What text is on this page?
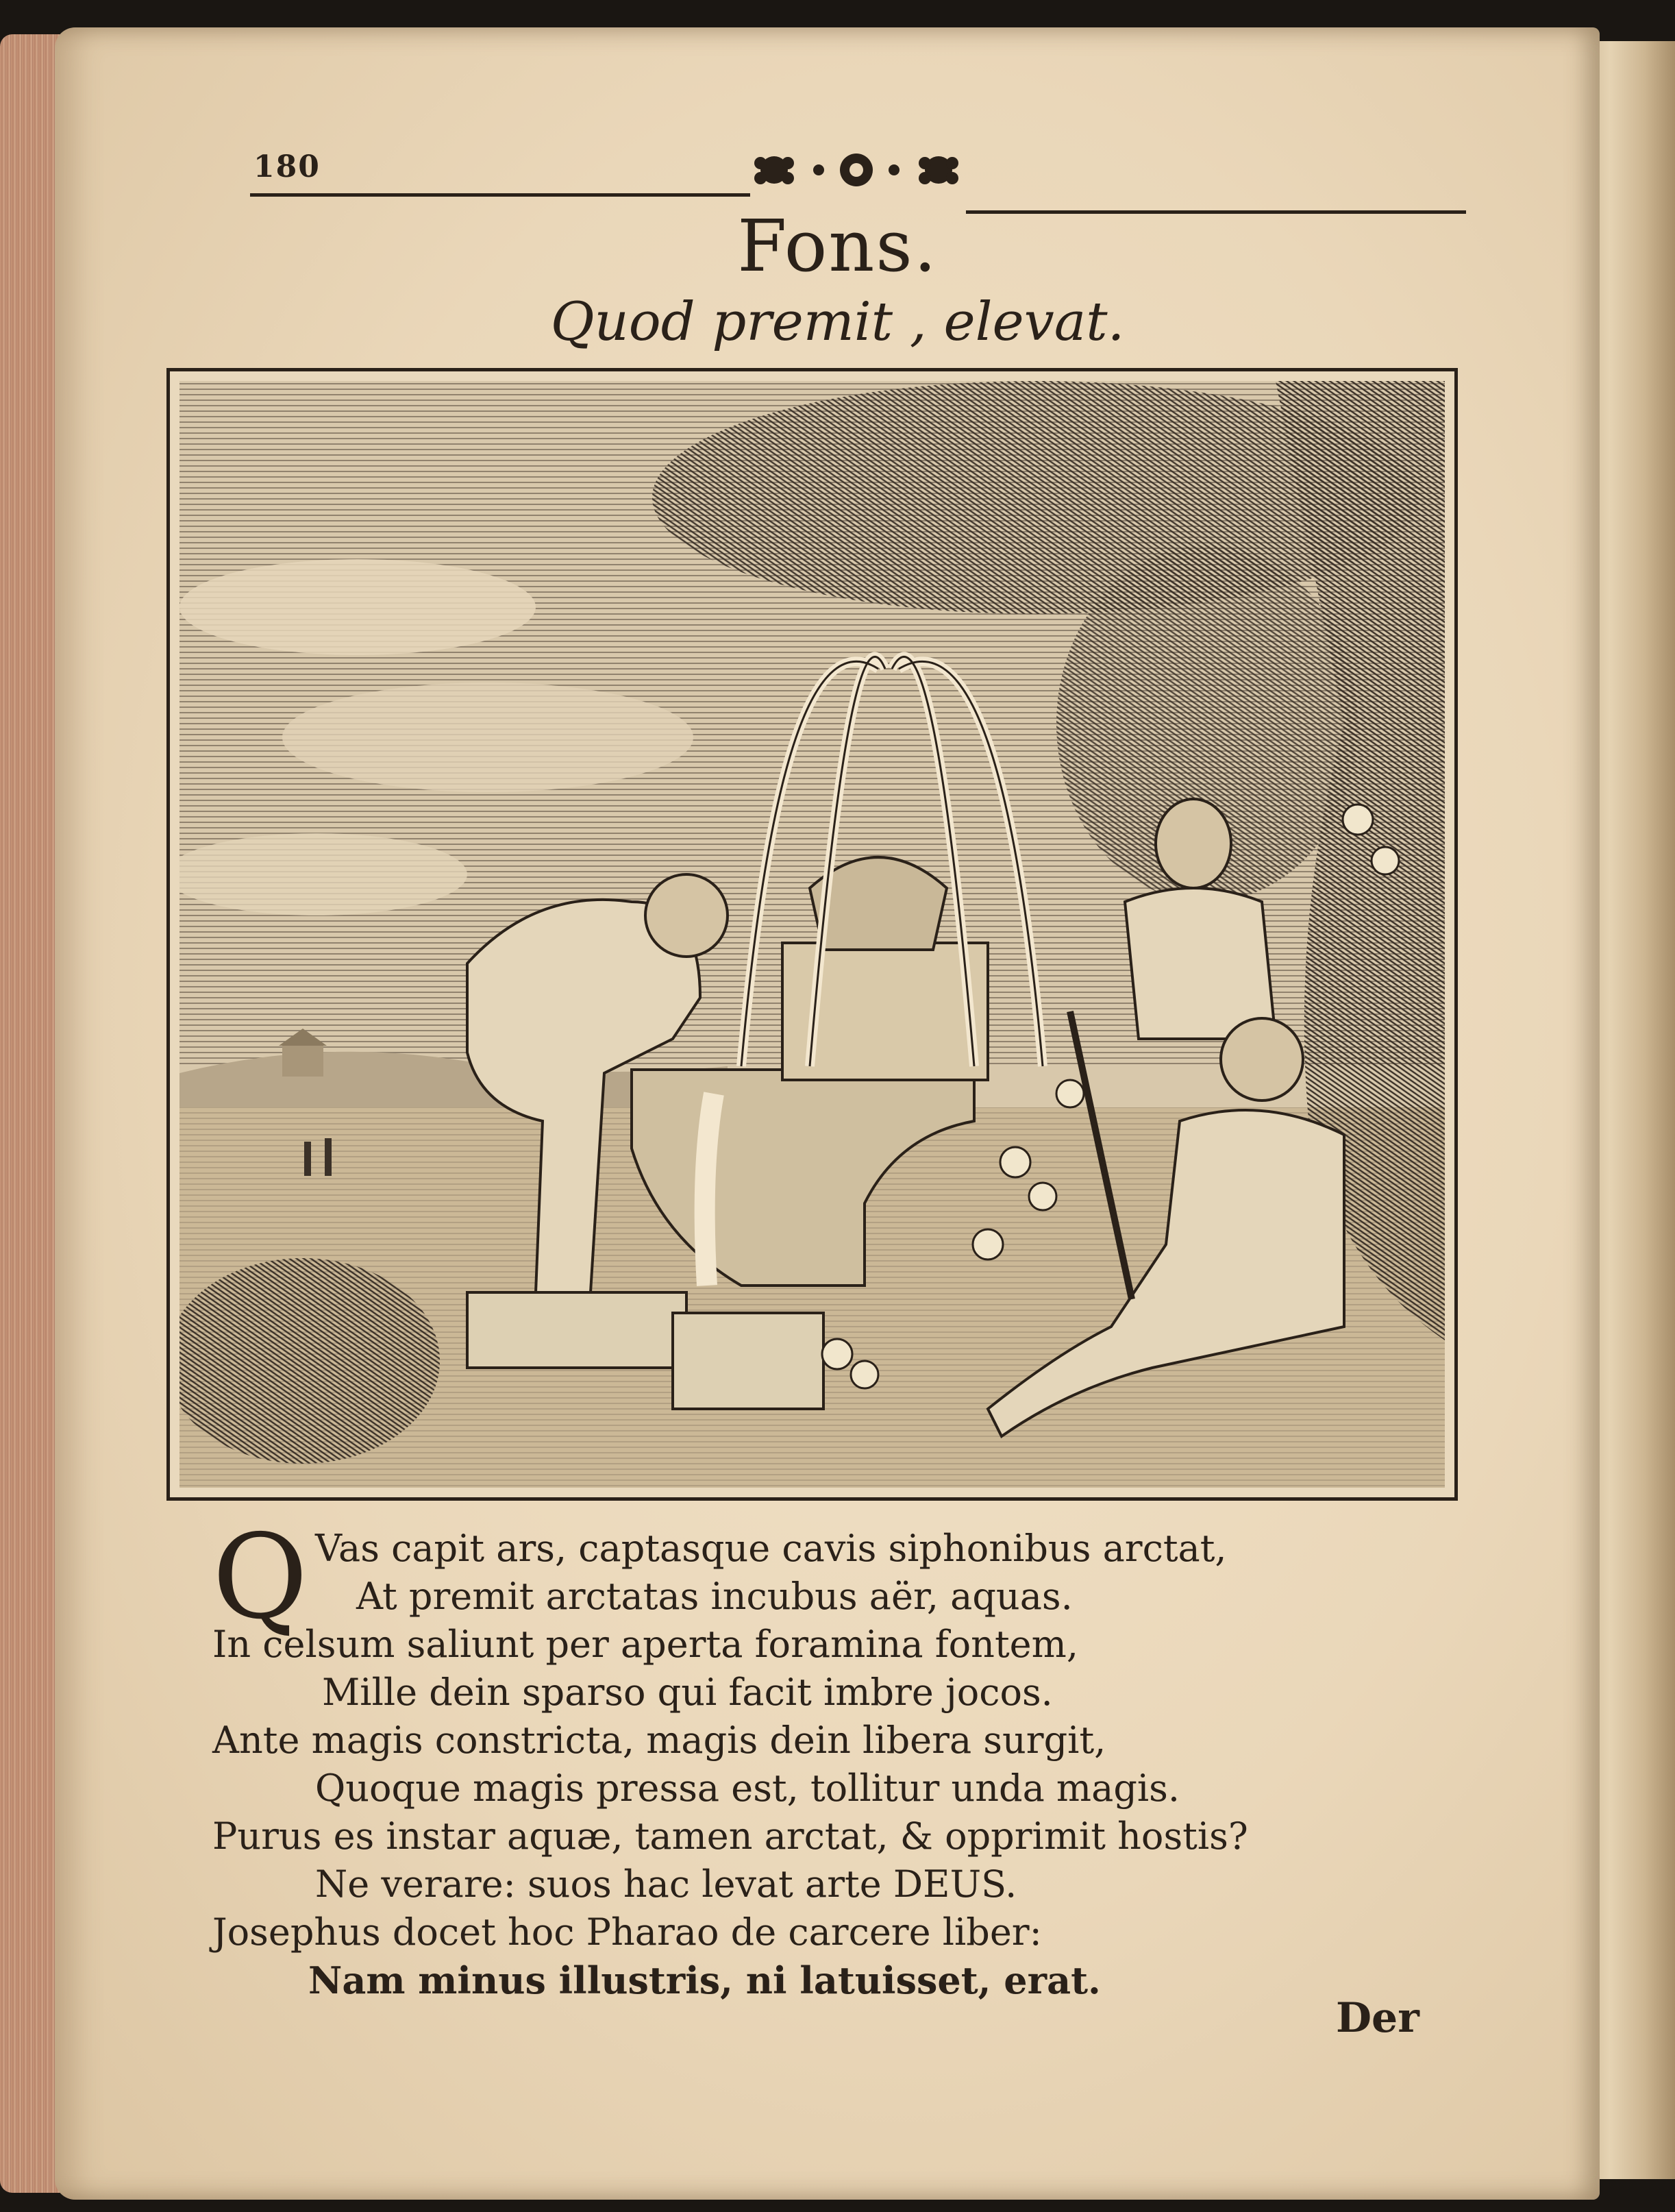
180
Fons.
Quod premit , elevat.
Q Vas capit ars, captasque cavis siphonibus arctat,
At premit arctatas incubus aër, aquas.
In celsum saliunt per aperta foramina fontem,
Mille dein sparso qui facit imbre jocos.
Ante magis constricta, magis dein libera surgit,
Quoque magis pressa est, tollitur unda magis.
Purus es instar aquæ, tamen arctat, & opprimit hostis?
Ne verare: suos hac levat arte DEUS.
Josephus docet hoc Pharao de carcere liber:
Nam minus illustris, ni latuisset, erat.
Der
